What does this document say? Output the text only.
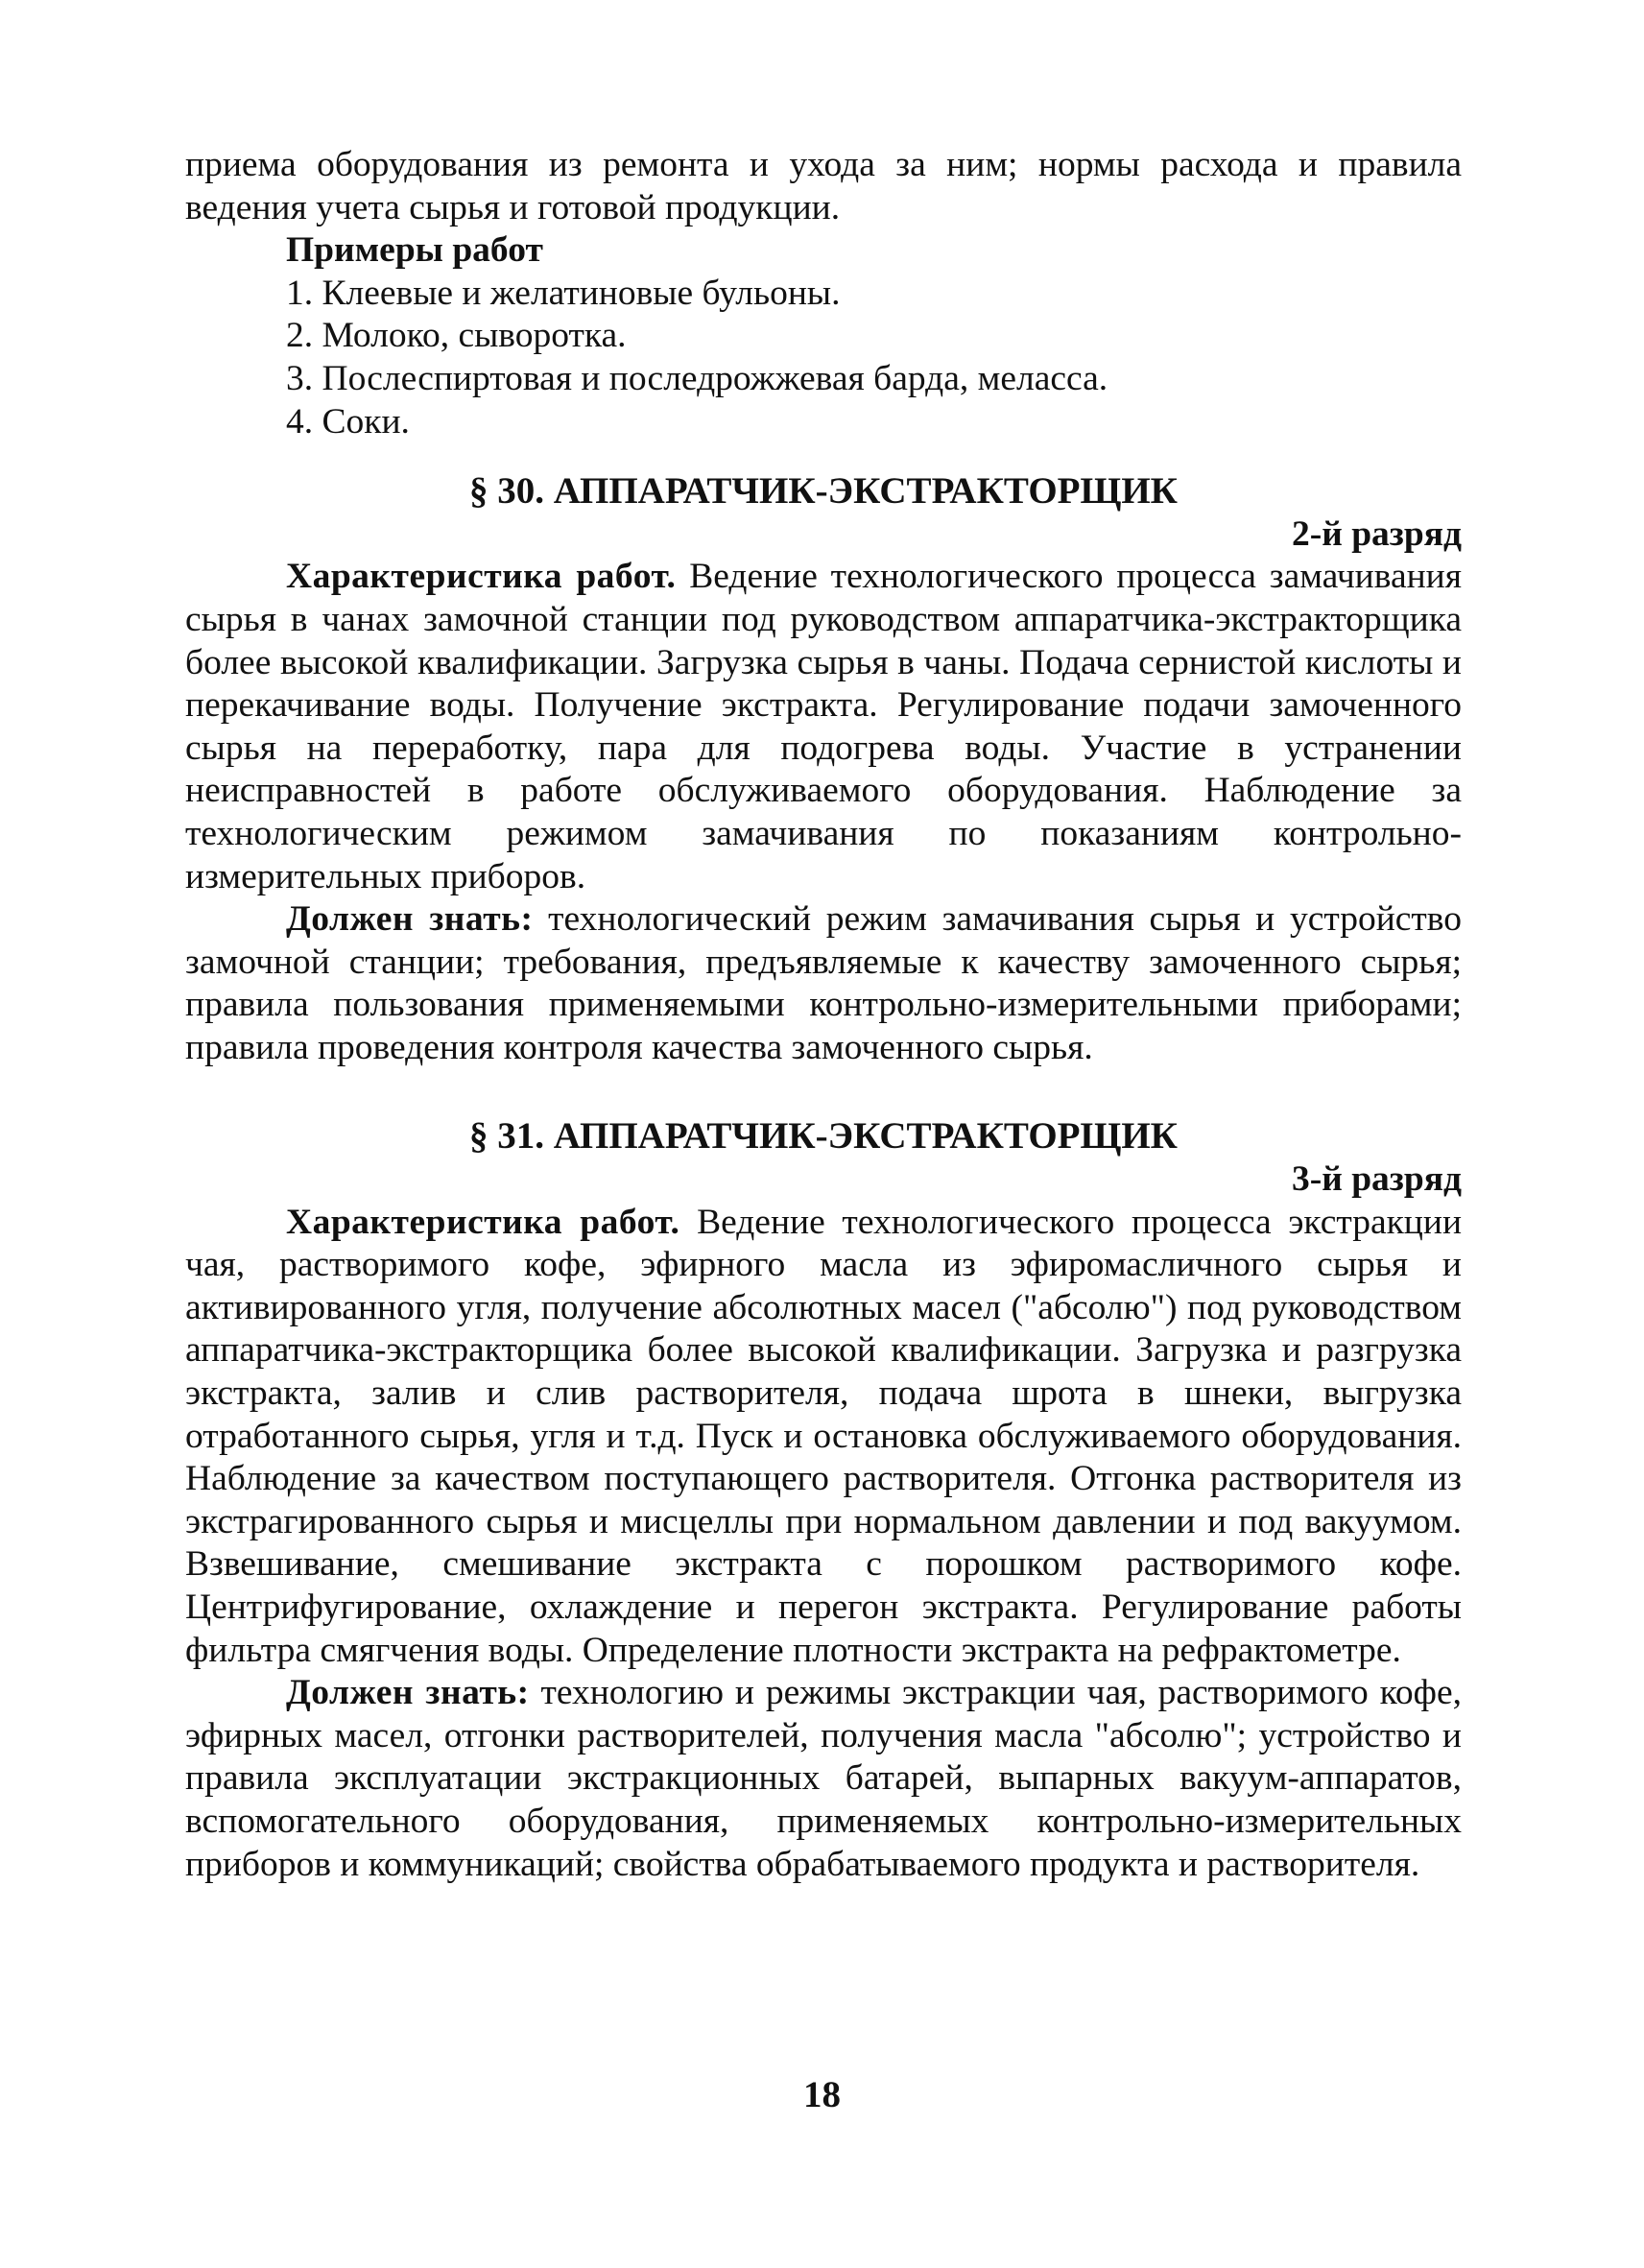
приема оборудования из ремонта и ухода за ним; нормы расхода и правила ведения учета сырья и готовой продукции.

Примеры работ

1. Клеевые и желатиновые бульоны.
2. Молоко, сыворотка.
3. Послеспиртовая и последрожжевая барда, меласса.
4. Соки.
§ 30. АППАРАТЧИК-ЭКСТРАКТОРЩИК

2-й разряд

Характеристика работ. Ведение технологического процесса замачивания сырья в чанах замочной станции под руководством аппаратчика-экстракторщика более высокой квалификации. Загрузка сырья в чаны. Подача сернистой кислоты и перекачивание воды. Получение экстракта. Регулирование подачи замоченного сырья на переработку, пара для подогрева воды. Участие в устранении неисправностей в работе обслуживаемого оборудования. Наблюдение за технологическим режимом замачивания по показаниям контрольно-измерительных приборов.

Должен знать: технологический режим замачивания сырья и устройство замочной станции; требования, предъявляемые к качеству замоченного сырья; правила пользования применяемыми контрольно-измерительными приборами; правила проведения контроля качества замоченного сырья.

§ 31. АППАРАТЧИК-ЭКСТРАКТОРЩИК

3-й разряд

Характеристика работ. Ведение технологического процесса экстракции чая, растворимого кофе, эфирного масла из эфиромасличного сырья и активированного угля, получение абсолютных масел ("абсолю") под руководством аппаратчика-экстракторщика более высокой квалификации. Загрузка и разгрузка экстракта, залив и слив растворителя, подача шрота в шнеки, выгрузка отработанного сырья, угля и т.д. Пуск и остановка обслуживаемого оборудования. Наблюдение за качеством поступающего растворителя. Отгонка растворителя из экстрагированного сырья и мисцеллы при нормальном давлении и под вакуумом. Взвешивание, смешивание экстракта с порошком растворимого кофе. Центрифугирование, охлаждение и перегон экстракта. Регулирование работы фильтра смягчения воды. Определение плотности экстракта на рефрактометре.

Должен знать: технологию и режимы экстракции чая, растворимого кофе, эфирных масел, отгонки растворителей, получения масла "абсолю"; устройство и правила эксплуатации экстракционных батарей, выпарных вакуум-аппаратов, вспомогательного оборудования, применяемых контрольно-измерительных приборов и коммуникаций; свойства обрабатываемого продукта и растворителя.

18
